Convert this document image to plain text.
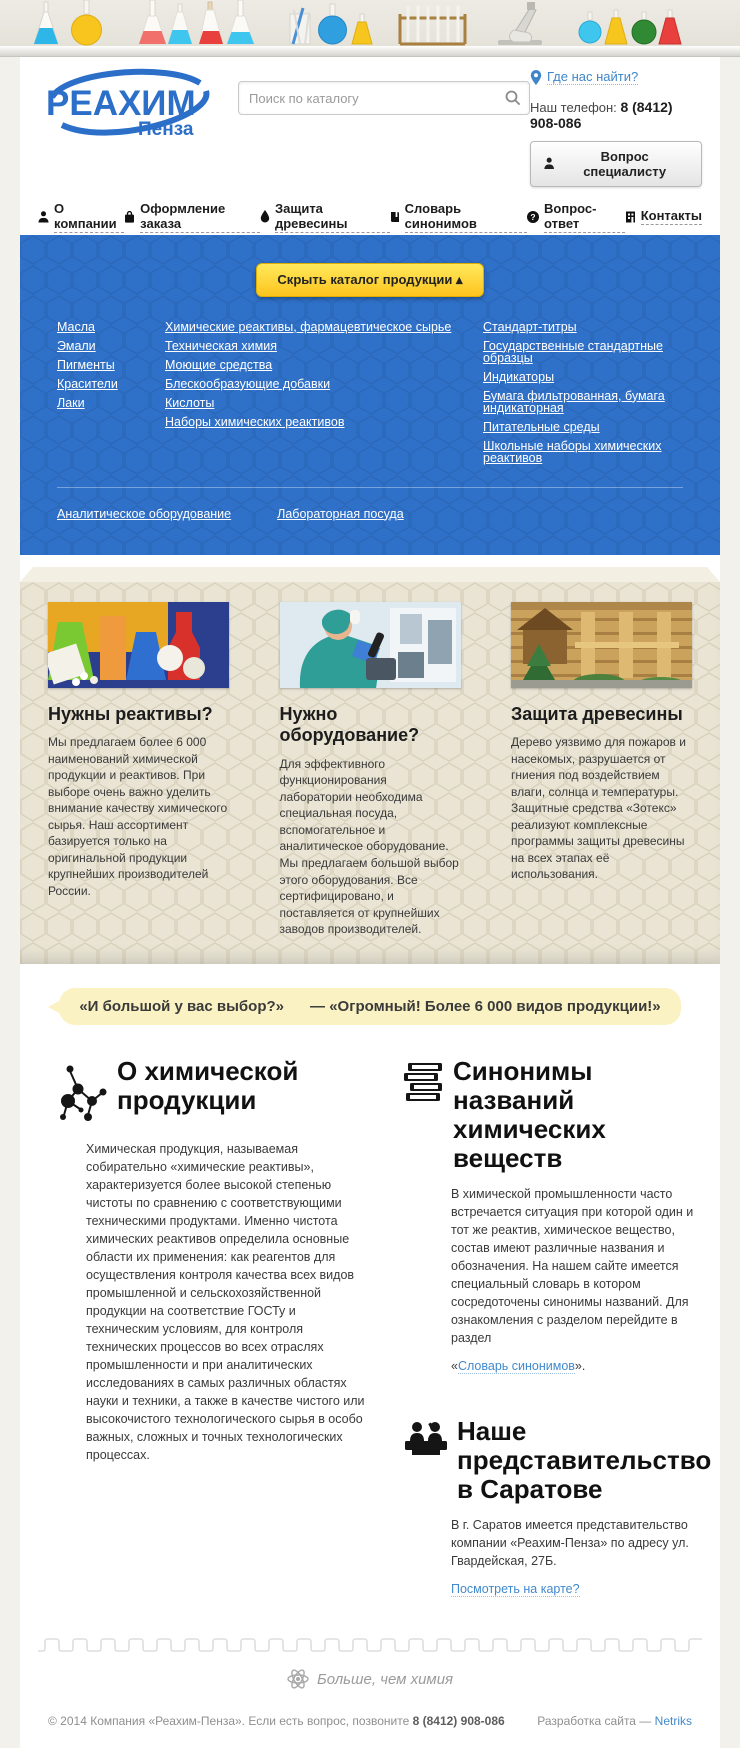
РЕАХИМ
Пенза
Поиск по каталогу
Где нас найти?
Наш телефон: 8 (8412) 908-086
Вопрос специалисту
О компании
Оформление заказа
Защита древесины
Словарь синонимов	?
Вопрос-ответ	Контакты
Скрыть каталог продукции ▴
Масла
Эмали
Пигменты
Красители
Лаки
Химические реактивы, фармацевтическое сырье
Техническая химия
Моющие средства
Блескообразующие добавки
Кислоты
Наборы химических реактивов
Стандарт-титры
Государственные стандартные образцы
Индикаторы
Бумага фильтрованная, бумага индикаторная
Питательные среды
Школьные наборы химических реактивов
Аналитическое оборудование	Лабораторная посуда
Нужны реактивы?

Мы предлагаем более 6 000 наименований химической продукции и реактивов. При выборе очень важно уделить внимание качеству химического сырья. Наш ассортимент базируется только на оригинальной продукции крупнейших производителей России.

Нужно оборудование?

Для эффективного функционирования лаборатории необходима специальная посуда, вспомогательное и аналитическое оборудование. Мы предлагаем большой выбор этого оборудования. Все сертифицировано, и поставляется от крупнейших заводов производителей.

Защита древесины

Дерево уязвимо для пожаров и насекомых, разрушается от гниения под воздействием влаги, солнца и температуры. Защитные средства «Зотекс» реализуют комплексные программы защиты древесины на всех этапах её использования.

«И большой у вас выбор?» — «Огромный! Более 6 000 видов продукции!»
О химической продукции

Химическая продукция, называемая собирательно «химические реактивы», характеризуется более высокой степенью чистоты по сравнению с соответствующими техническими продуктами. Именно чистота химических реактивов определила основные области их применения: как реагентов для осуществления контроля качества всех видов промышленной и сельскохозяйственной продукции на соответствие ГОСТу и техническим условиям, для контроля технических процессов во всех отраслях промышленности и при аналитических исследованиях в самых различных областях науки и техники, а также в качестве чистого или высокочистого технологического сырья в особо важных, сложных и точных технологических процессах.

Синонимы названий химических веществ

В химической промышленности часто встречается ситуация при которой один и тот же реактив, химическое вещество, состав имеют различные названия и обозначения. На нашем сайте имеется специальный словарь в котором сосредоточены синонимы названий. Для ознакомления с разделом перейдите в раздел

«Словарь синонимов».
Наше представительство в Саратове

В г. Саратов имеется представительство компании «Реахим-Пенза» по адресу ул. Гвардейская, 27Б.

Посмотреть на карте?
Больше, чем химия
© 2014 Компания «Реахим-Пенза». Если есть вопрос, позвоните 8 (8412) 908-086	Разработка сайта — Netriks
